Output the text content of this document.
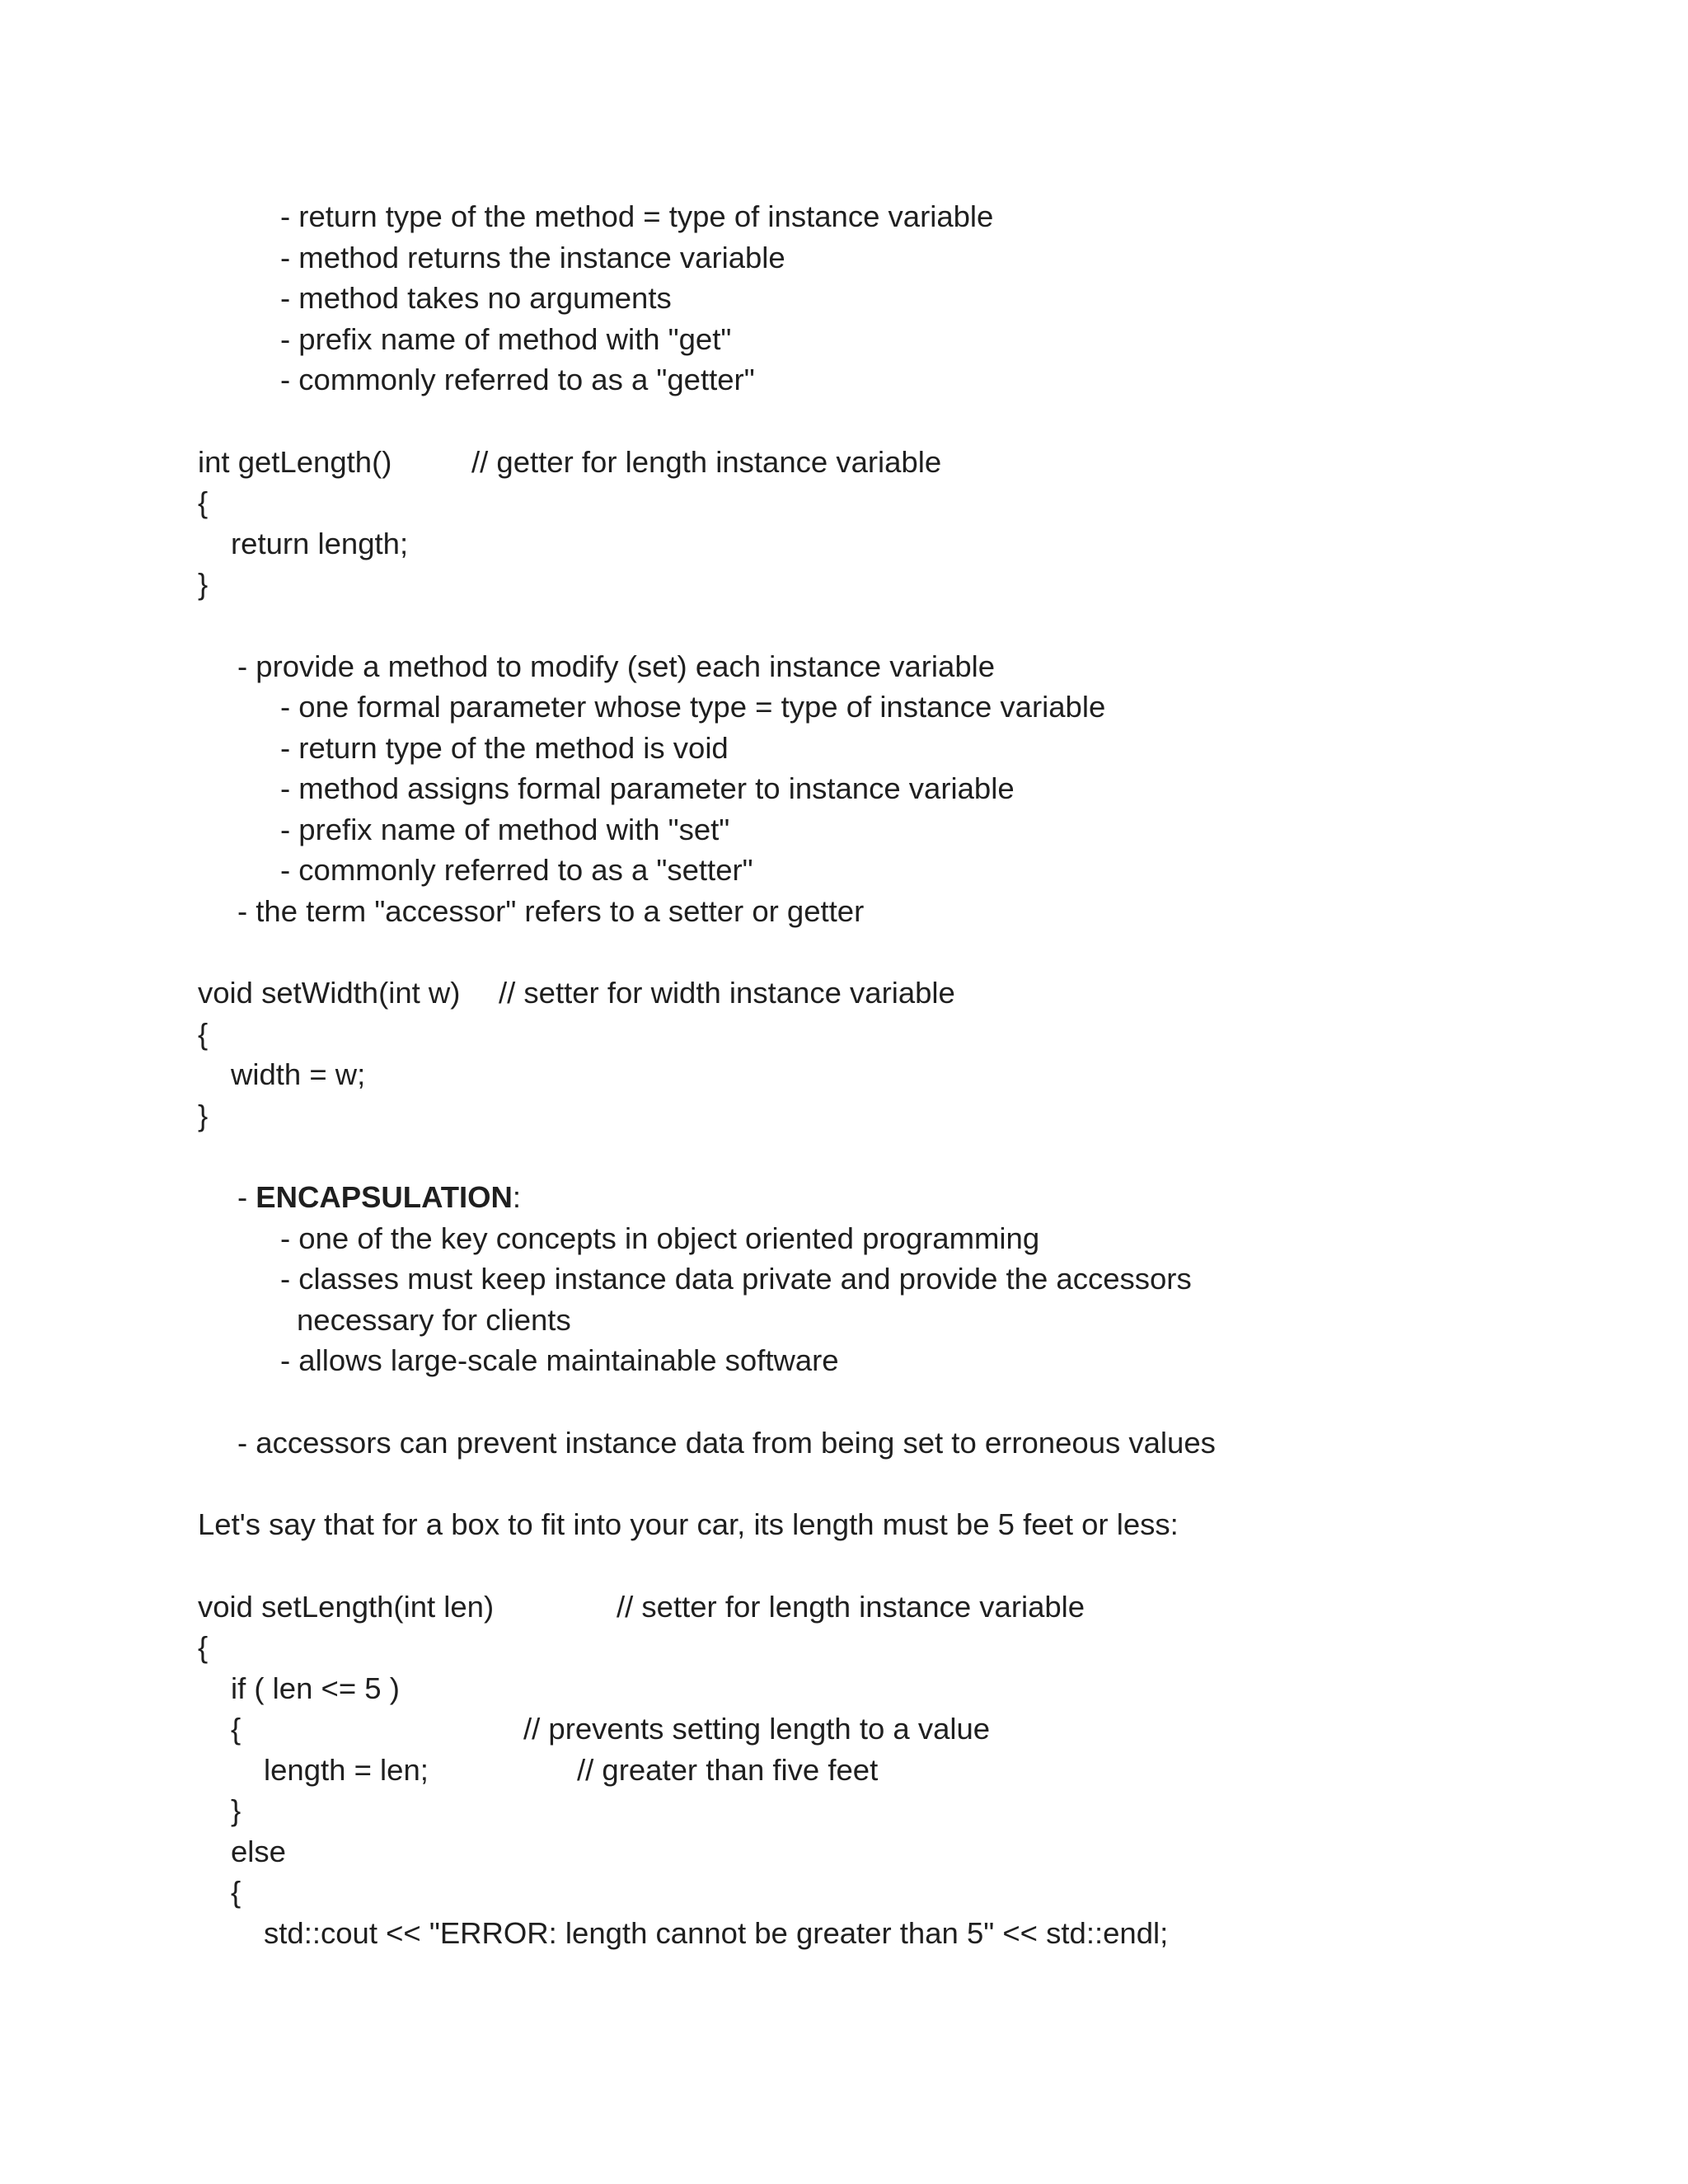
- return type of the method = type of instance variable
- method returns the instance variable
- method takes no arguments
- prefix name of method with "get"
- commonly referred to as a "getter"
int getLength()	// getter for length instance variable
{
return length;
}
- provide a method to modify (set) each instance variable
- one formal parameter whose type = type of instance variable
- return type of the method is void
- method assigns formal parameter to instance variable
- prefix name of method with "set"
- commonly referred to as a "setter"
- the term "accessor" refers to a setter or getter
void setWidth(int w) // setter for width instance variable
{
width = w;
}
- ENCAPSULATION:
- one of the key concepts in object oriented programming
- classes must keep instance data private and provide the accessors
necessary for clients
- allows large-scale maintainable software
- accessors can prevent instance data from being set to erroneous values
Let's say that for a box to fit into your car, its length must be 5 feet or less:
void setLength(int len)	// setter for length instance variable
{
if ( len <= 5 )
{	// prevents setting length to a value
length = len;	// greater than five feet
}
else
{
std::cout << "ERROR: length cannot be greater than 5" << std::endl;
